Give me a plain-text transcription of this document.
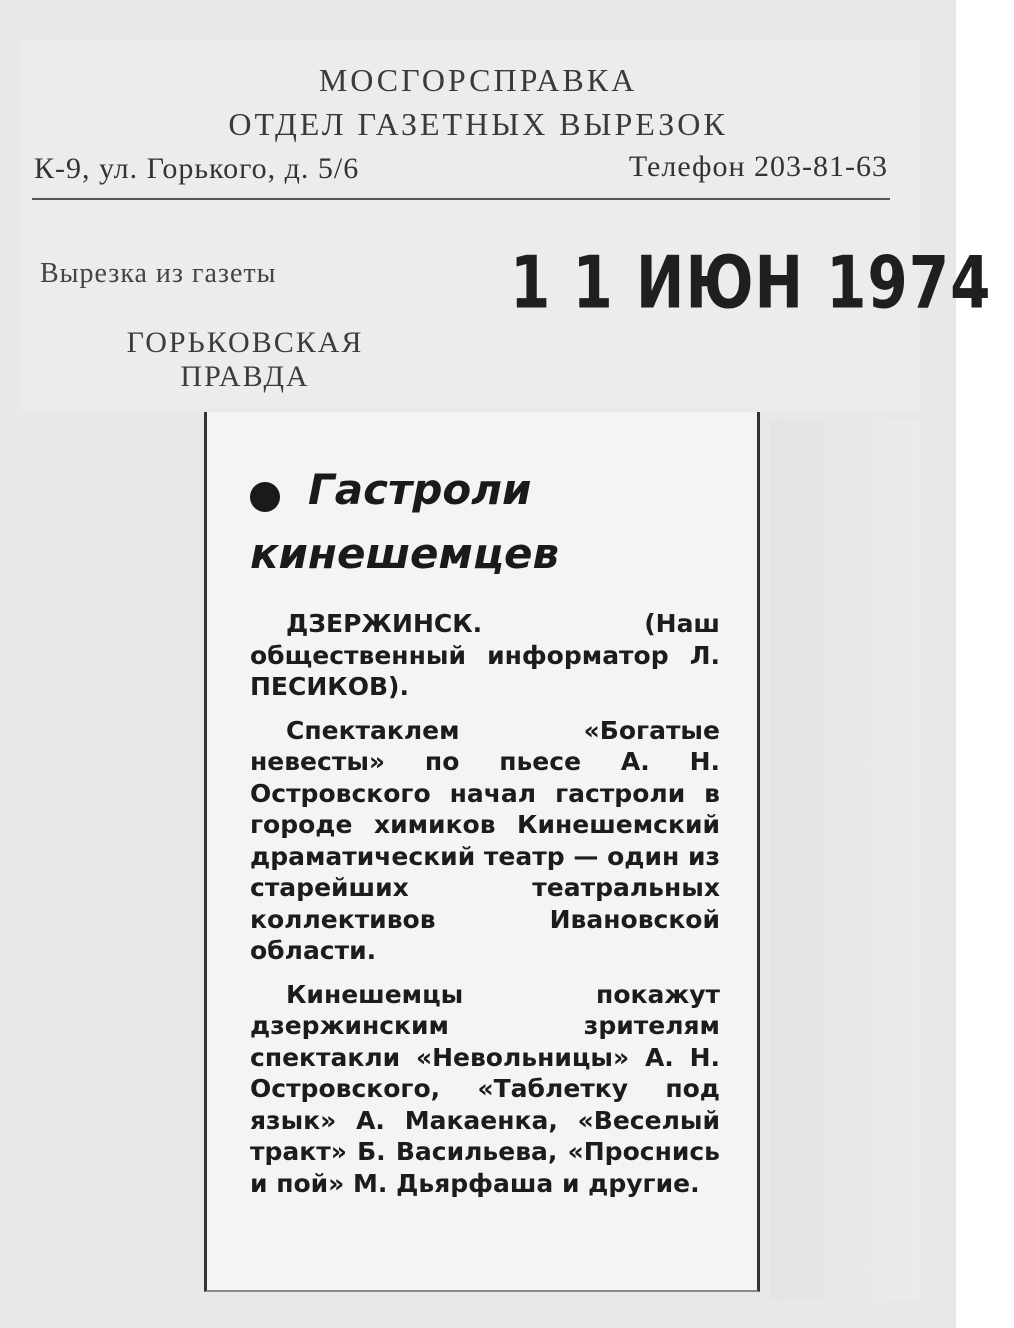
МОСГОРСПРАВКА
ОТДЕЛ ГАЗЕТНЫХ ВЫРЕЗОК
К-9, ул. Горького, д. 5/6	Телефон 203-81-63
Вырезка из газеты	1 1 ИЮН 1974
ГОРЬКОВСКАЯ ПРАВДА
Гастроли
кинешемцев

ДЗЕРЖИНСК. (Наш общественный информатор Л. ПЕСИКОВ).

Спектаклем «Богатые невесты» по пьесе А. Н. Островского начал гастроли в городе химиков Кинешемский драматический театр — один из старейших театральных коллективов Ивановской области.

Кинешемцы покажут дзержинским зрителям спектакли «Невольницы» А. Н. Островского, «Таблетку под язык» А. Макаенка, «Веселый тракт» Б. Васильева, «Проснись и пой» М. Дьярфаша и другие.
